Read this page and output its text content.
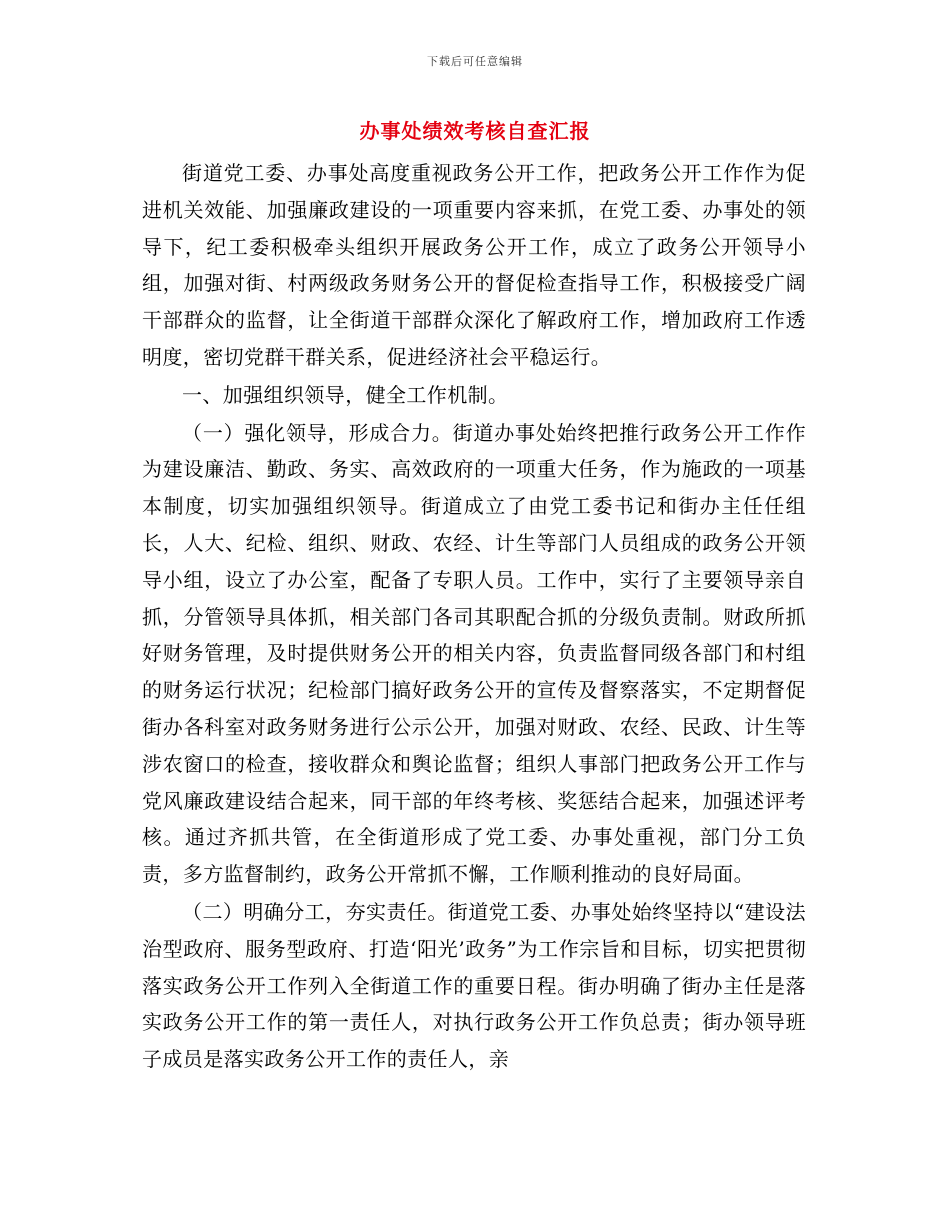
下载后可任意编辑
办事处绩效考核自查汇报

街道党工委、办事处高度重视政务公开工作，把政务公开工作作为促进机关效能、加强廉政建设的一项重要内容来抓，在党工委、办事处的领导下，纪工委积极牵头组织开展政务公开工作，成立了政务公开领导小组，加强对街、村两级政务财务公开的督促检查指导工作，积极接受广阔干部群众的监督，让全街道干部群众深化了解政府工作，增加政府工作透明度，密切党群干群关系，促进经济社会平稳运行。

一、加强组织领导，健全工作机制。

（一）强化领导，形成合力。街道办事处始终把推行政务公开工作作为建设廉洁、勤政、务实、高效政府的一项重大任务，作为施政的一项基本制度，切实加强组织领导。街道成立了由党工委书记和街办主任任组长，人大、纪检、组织、财政、农经、计生等部门人员组成的政务公开领导小组，设立了办公室，配备了专职人员。工作中，实行了主要领导亲自抓，分管领导具体抓，相关部门各司其职配合抓的分级负责制。财政所抓好财务管理，及时提供财务公开的相关内容，负责监督同级各部门和村组的财务运行状况；纪检部门搞好政务公开的宣传及督察落实，不定期督促街办各科室对政务财务进行公示公开，加强对财政、农经、民政、计生等涉农窗口的检查，接收群众和舆论监督；组织人事部门把政务公开工作与党风廉政建设结合起来，同干部的年终考核、奖惩结合起来，加强述评考核。通过齐抓共管，在全街道形成了党工委、办事处重视，部门分工负责，多方监督制约，政务公开常抓不懈，工作顺利推动的良好局面。

（二）明确分工，夯实责任。街道党工委、办事处始终坚持以“建设法治型政府、服务型政府、打造‘阳光’政务”为工作宗旨和目标，切实把贯彻落实政务公开工作列入全街道工作的重要日程。街办明确了街办主任是落实政务公开工作的第一责任人，对执行政务公开工作负总责；街办领导班子成员是落实政务公开工作的责任人，亲
